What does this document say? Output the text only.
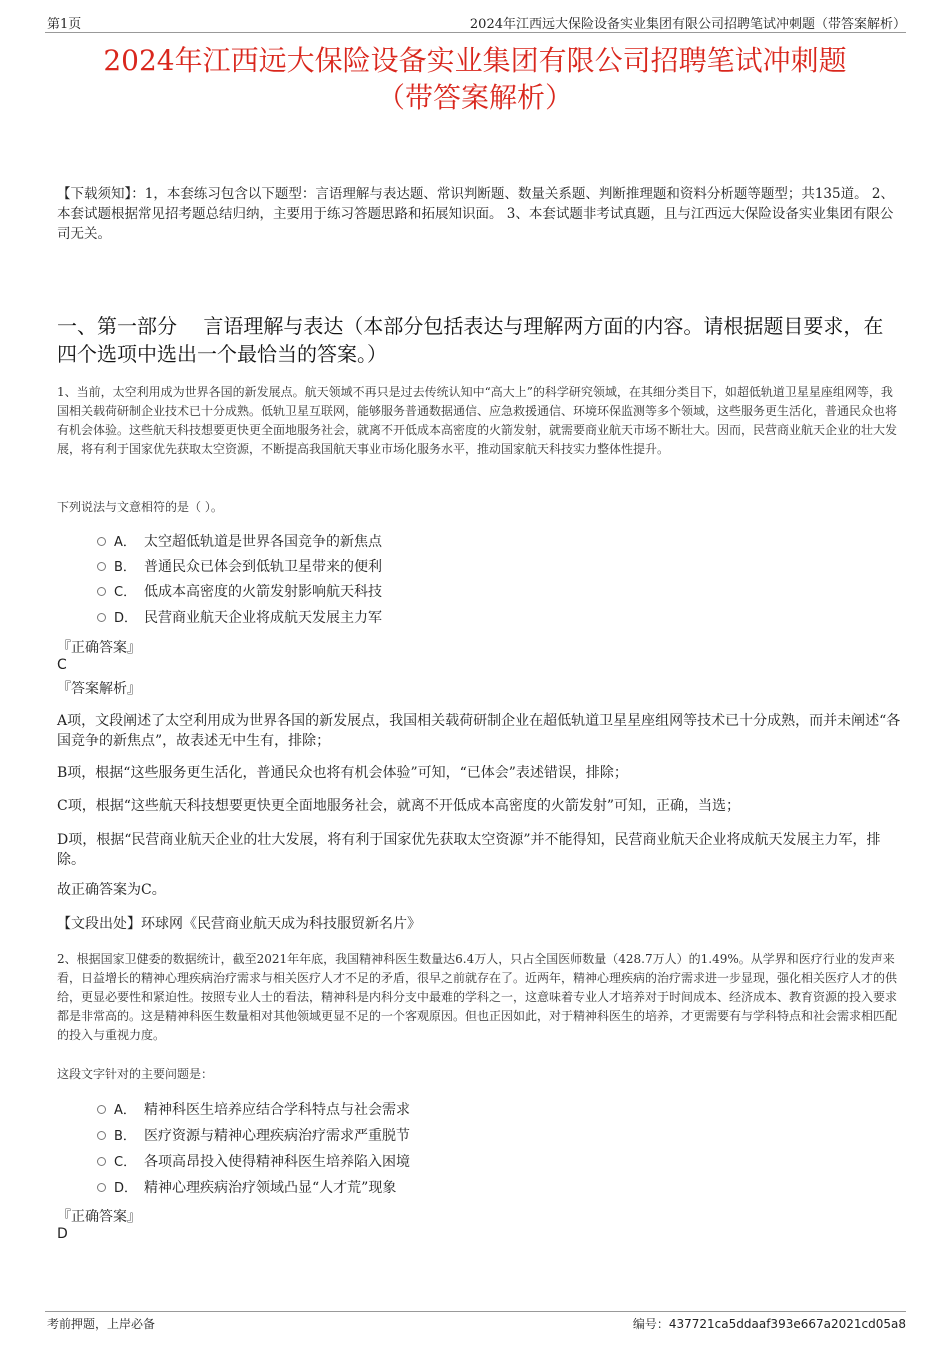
第1页	2024年江西远大保险设备实业集团有限公司招聘笔试冲刺题（带答案解析）
2024年江西远大保险设备实业集团有限公司招聘笔试冲刺题
（带答案解析）
【下载须知】：1，本套练习包含以下题型：言语理解与表达题、常识判断题、数量关系题、判断推理题和资料分析题等题型；共135道。 2、本套试题根据常见招考题总结归纳，主要用于练习答题思路和拓展知识面。 3、本套试题非考试真题，且与江西远大保险设备实业集团有限公司无关。
一、第一部分　 言语理解与表达（本部分包括表达与理解两方面的内容。请根据题目要求，在四个选项中选出一个最恰当的答案。）
1、当前，太空利用成为世界各国的新发展点。航天领域不再只是过去传统认知中“高大上”的科学研究领域，在其细分类目下，如超低轨道卫星星座组网等，我国相关载荷研制企业技术已十分成熟。低轨卫星互联网，能够服务普通数据通信、应急救援通信、环境环保监测等多个领域，这些服务更生活化，普通民众也将有机会体验。这些航天科技想要更快更全面地服务社会，就离不开低成本高密度的火箭发射，就需要商业航天市场不断壮大。因而，民营商业航天企业的壮大发展，将有利于国家优先获取太空资源，不断提高我国航天事业市场化服务水平，推动国家航天科技实力整体性提升。
下列说法与文意相符的是（ ）。
A． 太空超低轨道是世界各国竞争的新焦点
B． 普通民众已体会到低轨卫星带来的便利
C． 低成本高密度的火箭发射影响航天科技
D． 民营商业航天企业将成航天发展主力军
『正确答案』
C
『答案解析』
A项，文段阐述了太空利用成为世界各国的新发展点，我国相关载荷研制企业在超低轨道卫星星座组网等技术已十分成熟，而并未阐述“各国竞争的新焦点”，故表述无中生有，排除；
B项，根据“这些服务更生活化，普通民众也将有机会体验”可知，“已体会”表述错误，排除；
C项，根据“这些航天科技想要更快更全面地服务社会，就离不开低成本高密度的火箭发射”可知，正确，当选；
D项，根据“民营商业航天企业的壮大发展，将有利于国家优先获取太空资源”并不能得知，民营商业航天企业将成航天发展主力军，排除。
故正确答案为C。
【文段出处】环球网《民营商业航天成为科技服贸新名片》
2、根据国家卫健委的数据统计，截至2021年年底，我国精神科医生数量达6.4万人，只占全国医师数量（428.7万人）的1.49%。从学界和医疗行业的发声来看，日益增长的精神心理疾病治疗需求与相关医疗人才不足的矛盾，很早之前就存在了。近两年，精神心理疾病的治疗需求进一步显现，强化相关医疗人才的供给，更显必要性和紧迫性。按照专业人士的看法，精神科是内科分支中最难的学科之一，这意味着专业人才培养对于时间成本、经济成本、教育资源的投入要求都是非常高的。这是精神科医生数量相对其他领域更显不足的一个客观原因。但也正因如此，对于精神科医生的培养，才更需要有与学科特点和社会需求相匹配的投入与重视力度。
这段文字针对的主要问题是：
A． 精神科医生培养应结合学科特点与社会需求
B． 医疗资源与精神心理疾病治疗需求严重脱节
C． 各项高昂投入使得精神科医生培养陷入困境
D． 精神心理疾病治疗领域凸显“人才荒”现象
『正确答案』
D
考前押题，上岸必备	编号：437721ca5ddaaf393e667a2021cd05a8
